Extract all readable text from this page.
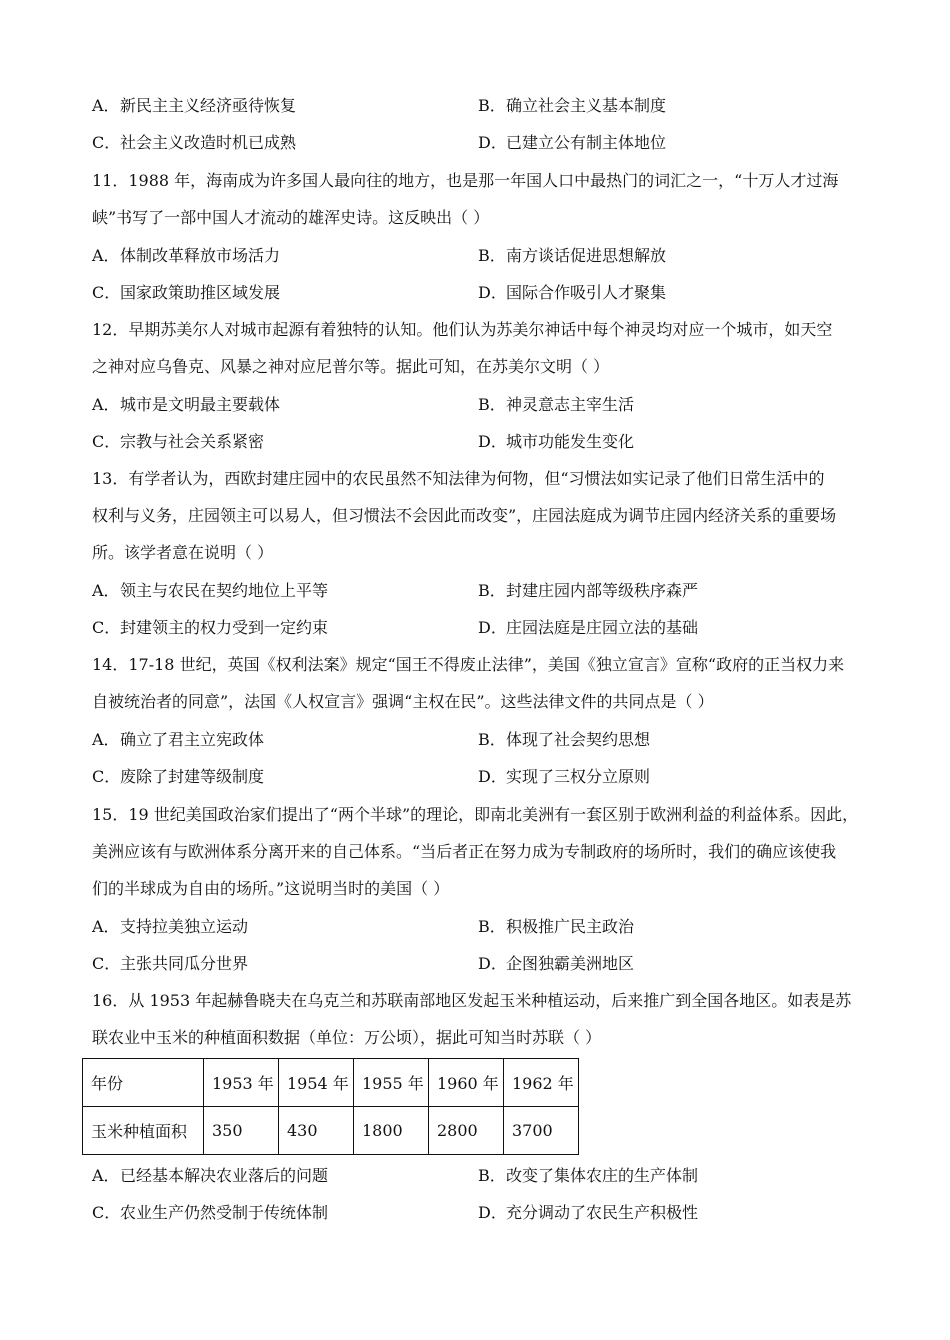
A．新民主主义经济亟待恢复	B．确立社会主义基本制度
C．社会主义改造时机已成熟	D．已建立公有制主体地位
11．1988 年，海南成为许多国人最向往的地方，也是那一年国人口中最热门的词汇之一，“十万人才过海
峡”书写了一部中国人才流动的雄浑史诗。这反映出（ ）
A．体制改革释放市场活力	B．南方谈话促进思想解放
C．国家政策助推区域发展	D．国际合作吸引人才聚集
12．早期苏美尔人对城市起源有着独特的认知。他们认为苏美尔神话中每个神灵均对应一个城市，如天空
之神对应乌鲁克、风暴之神对应尼普尔等。据此可知，在苏美尔文明（ ）
A．城市是文明最主要载体	B．神灵意志主宰生活
C．宗教与社会关系紧密	D．城市功能发生变化
13．有学者认为，西欧封建庄园中的农民虽然不知法律为何物，但“习惯法如实记录了他们日常生活中的
权利与义务，庄园领主可以易人，但习惯法不会因此而改变”，庄园法庭成为调节庄园内经济关系的重要场
所。该学者意在说明（ ）
A．领主与农民在契约地位上平等	B．封建庄园内部等级秩序森严
C．封建领主的权力受到一定约束	D．庄园法庭是庄园立法的基础
14．17-18 世纪，英国《权利法案》规定“国王不得废止法律”，美国《独立宣言》宣称“政府的正当权力来
自被统治者的同意”，法国《人权宣言》强调“主权在民”。这些法律文件的共同点是（ ）
A．确立了君主立宪政体	B．体现了社会契约思想
C．废除了封建等级制度	D．实现了三权分立原则
15．19 世纪美国政治家们提出了“两个半球”的理论，即南北美洲有一套区别于欧洲利益的利益体系。因此，
美洲应该有与欧洲体系分离开来的自己体系。“当后者正在努力成为专制政府的场所时，我们的确应该使我
们的半球成为自由的场所。”这说明当时的美国（ ）
A．支持拉美独立运动	B．积极推广民主政治
C．主张共同瓜分世界	D．企图独霸美洲地区
16．从 1953 年起赫鲁晓夫在乌克兰和苏联南部地区发起玉米种植运动，后来推广到全国各地区。如表是苏
联农业中玉米的种植面积数据（单位：万公顷），据此可知当时苏联（ ）
年份	1953 年	1954 年	1955 年	1960 年	1962 年
玉米种植面积	350	430	1800	2800	3700
A．已经基本解决农业落后的问题	B．改变了集体农庄的生产体制
C．农业生产仍然受制于传统体制	D．充分调动了农民生产积极性
